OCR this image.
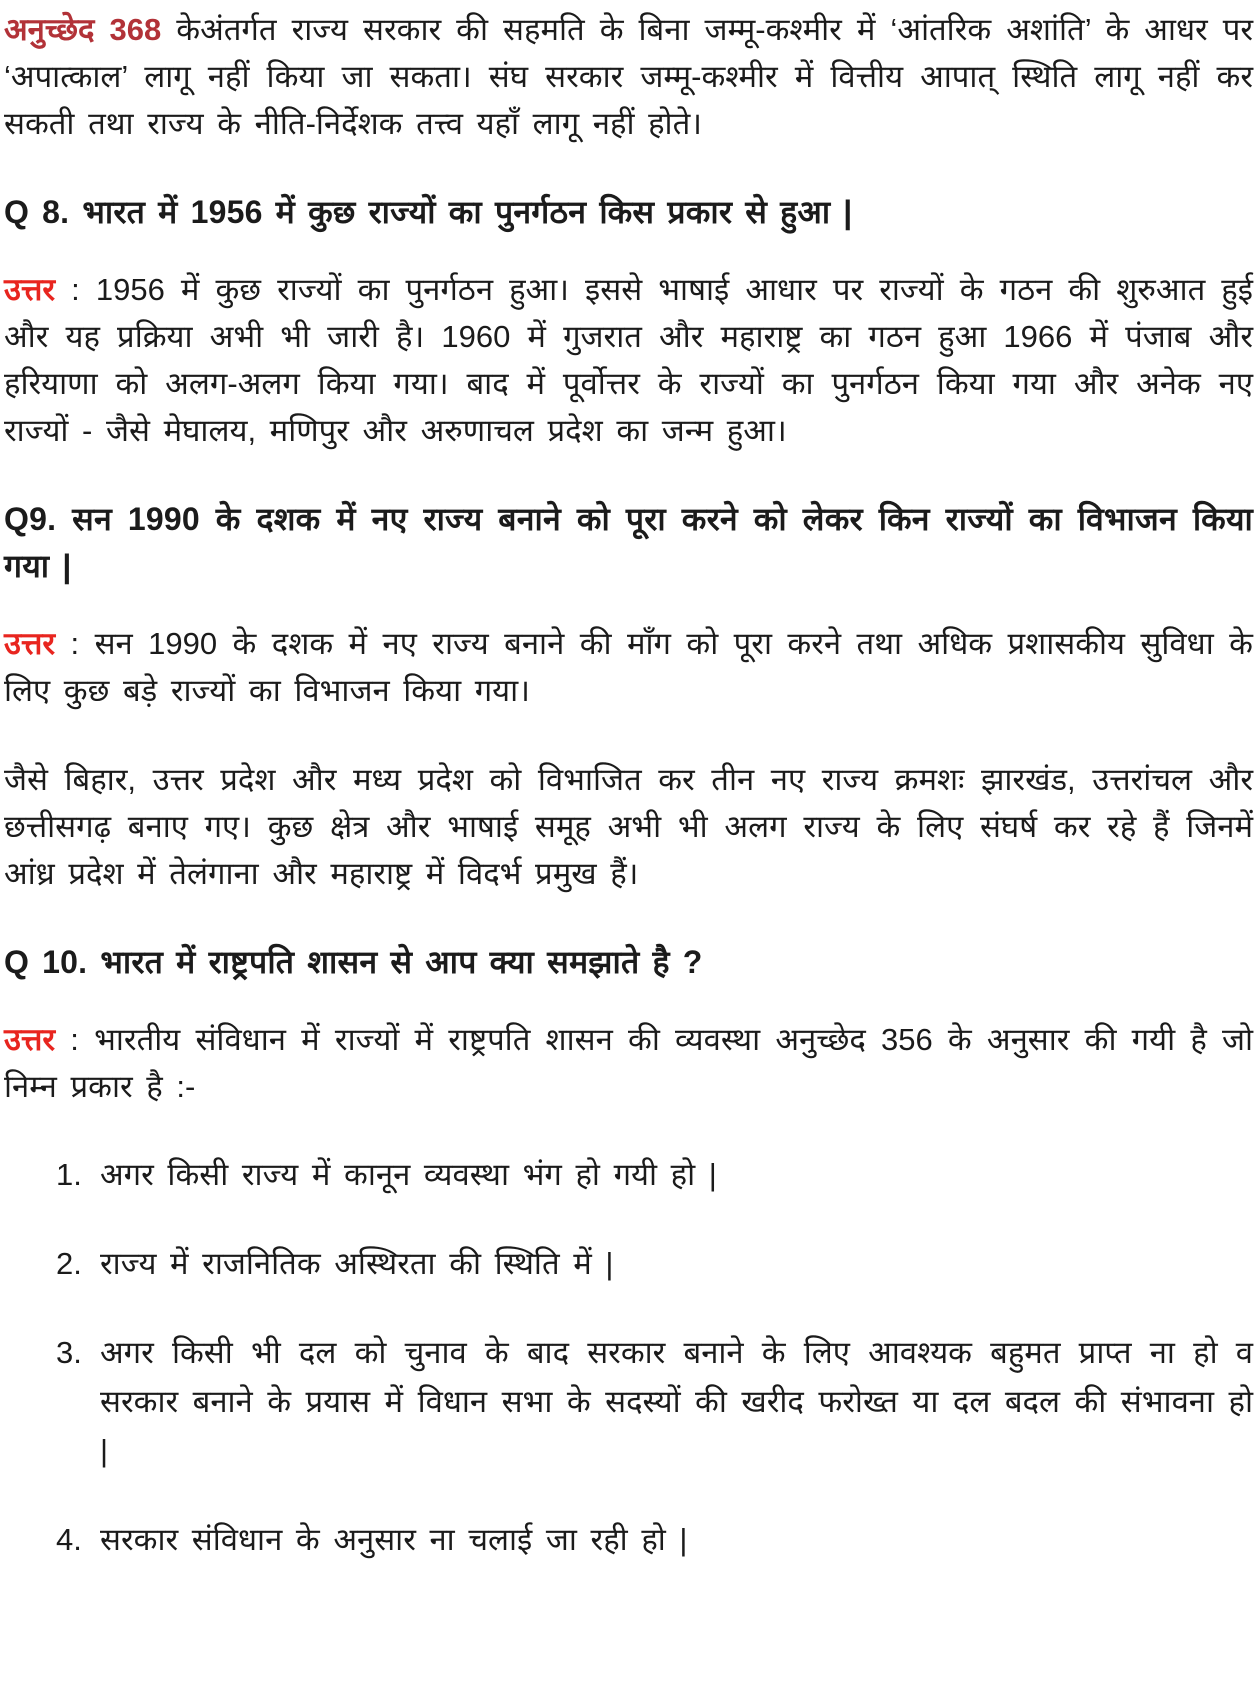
अनुच्छेद 368 केअंतर्गत राज्य सरकार की सहमति के बिना जम्मू-कश्मीर में ‘आंतरिक अशांति’ के आधर पर ‘अपात्काल’ लागू नहीं किया जा सकता। संघ सरकार जम्मू-कश्मीर में वित्तीय आपात् स्थिति लागू नहीं कर सकती तथा राज्य के नीति-निर्देशक तत्त्व यहाँ लागू नहीं होते।

Q 8. भारत में 1956 में कुछ राज्यों का पुनर्गठन किस प्रकार से हुआ |

उत्तर : 1956 में कुछ राज्यों का पुनर्गठन हुआ। इससे भाषाई आधार पर राज्यों के गठन की शुरुआत हुई और यह प्रक्रिया अभी भी जारी है। 1960 में गुजरात और महाराष्ट्र का गठन हुआ 1966 में पंजाब और हरियाणा को अलग-अलग किया गया। बाद में पूर्वोत्तर के राज्यों का पुनर्गठन किया गया और अनेक नए राज्यों - जैसे मेघालय, मणिपुर और अरुणाचल प्रदेश का जन्म हुआ।

Q9. सन 1990 के दशक में नए राज्य बनाने को पूरा करने को लेकर किन राज्यों का विभाजन किया गया |

उत्तर : सन 1990 के दशक में नए राज्य बनाने की माँग को पूरा करने तथा अधिक प्रशासकीय सुविधा के लिए कुछ बड़े राज्यों का विभाजन किया गया।

जैसे बिहार, उत्तर प्रदेश और मध्य प्रदेश को विभाजित कर तीन नए राज्य क्रमशः झारखंड, उत्तरांचल और छत्तीसगढ़ बनाए गए। कुछ क्षेत्र और भाषाई समूह अभी भी अलग राज्य के लिए संघर्ष कर रहे हैं जिनमें आंध्र प्रदेश में तेलंगाना और महाराष्ट्र में विदर्भ प्रमुख हैं।

Q 10. भारत में राष्ट्रपति शासन से आप क्या समझाते है ?

उत्तर : भारतीय संविधान में राज्यों में राष्ट्रपति शासन की व्यवस्था अनुच्छेद 356 के अनुसार की गयी है जो निम्न प्रकार है :-

1. अगर किसी राज्य में कानून व्यवस्था भंग हो गयी हो |
2. राज्य में राजनितिक अस्थिरता की स्थिति में |
3. अगर किसी भी दल को चुनाव के बाद सरकार बनाने के लिए आवश्यक बहुमत प्राप्त ना हो व सरकार बनाने के प्रयास में विधान सभा के सदस्यों की खरीद फरोख्त या दल बदल की संभावना हो |
4. सरकार संविधान के अनुसार ना चलाई जा रही हो |
